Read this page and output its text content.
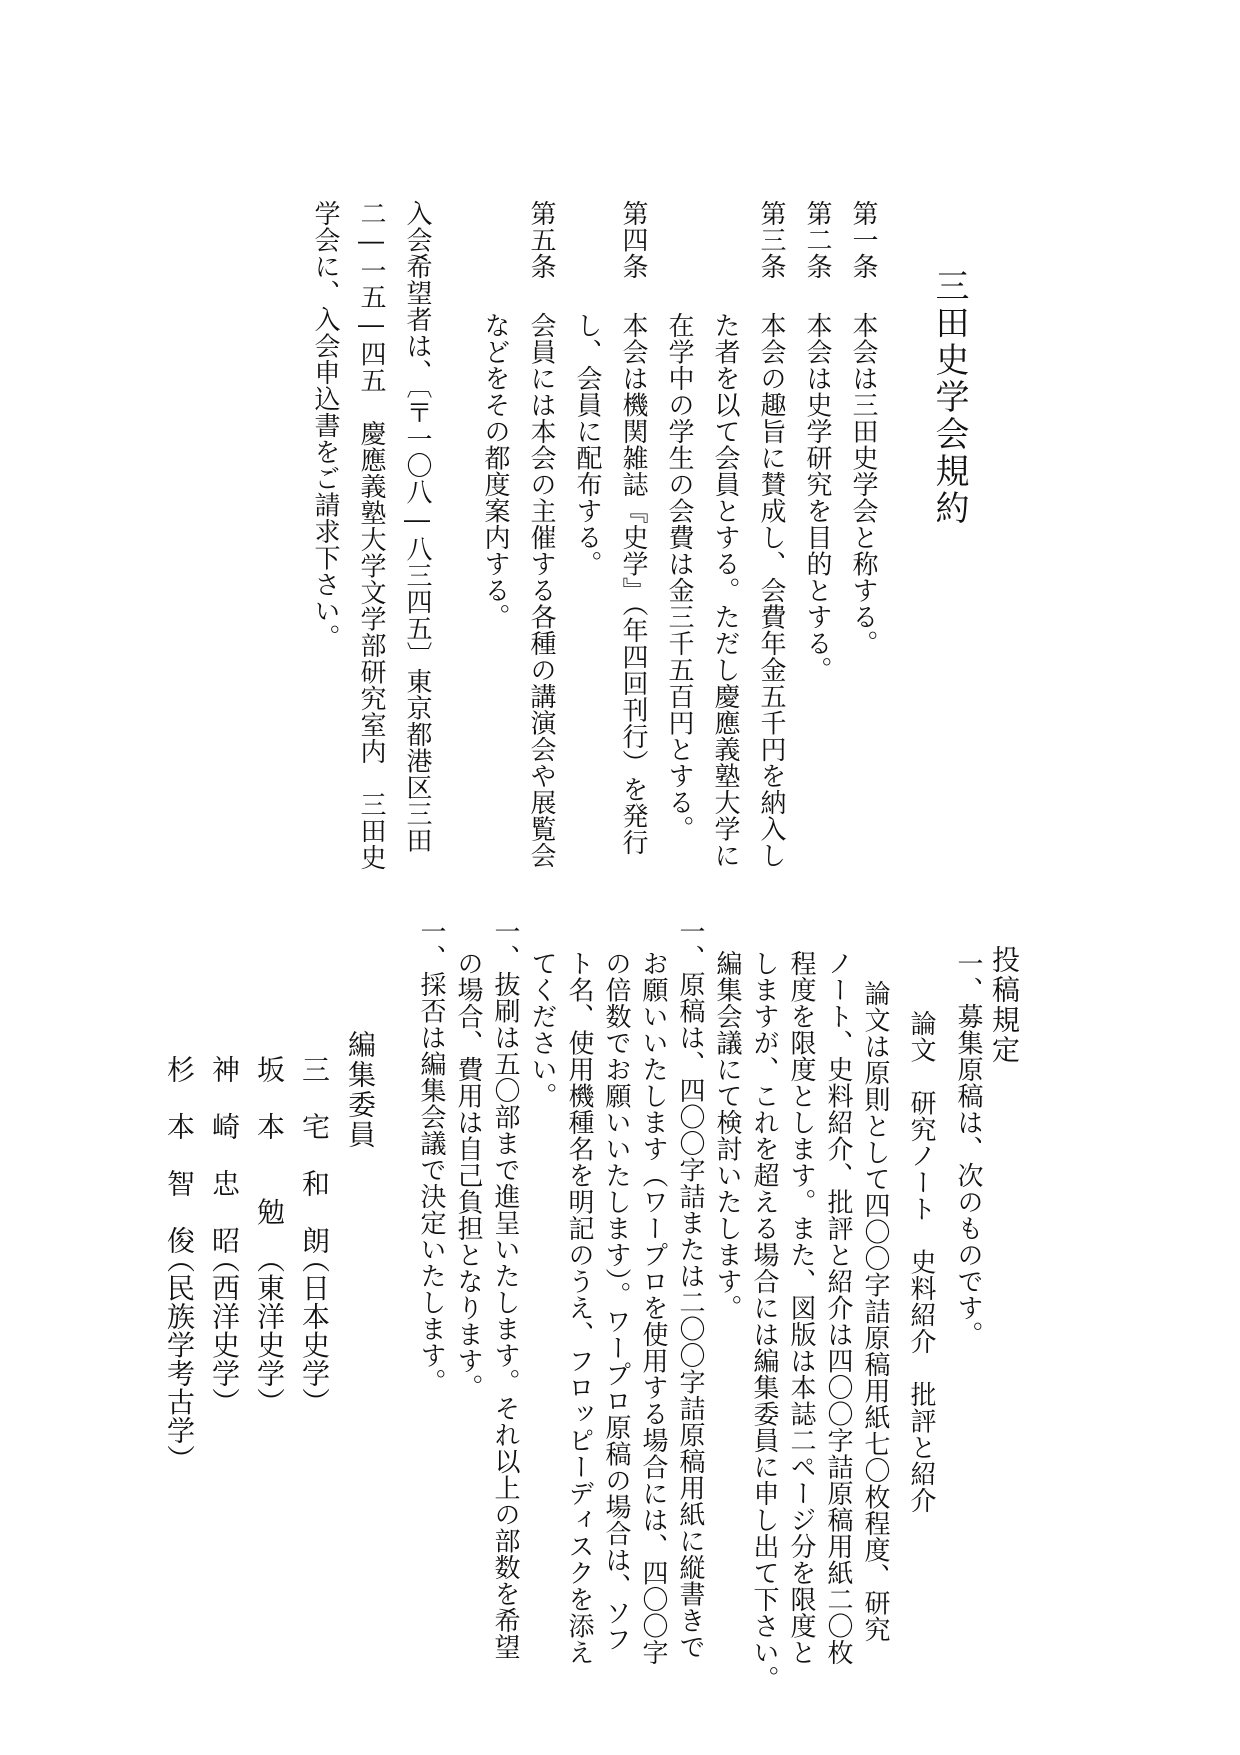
三田史学会規約
第一条
本会は三田史学会と称する。
第二条
本会は史学研究を目的とする。
第三条
本会の趣旨に賛成し、会費年金五千円を納入し
た者を以て会員とする。ただし慶應義塾大学に
在学中の学生の会費は金三千五百円とする。
第四条
本会は機関雑誌『史学』（年四回刊行）を発行
し、会員に配布する。
第五条
会員には本会の主催する各種の講演会や展覧会
などをその都度案内する。
入会希望者は、〔〒一〇八―八三四五〕東京都港区三田
二―一五―四五　慶應義塾大学文学部研究室内　三田史
学会に、入会申込書をご請求下さい。
投稿規定
一、募集原稿は、次のものです。
論文　研究ノート　史料紹介　批評と紹介
論文は原則として四〇〇字詰原稿用紙七〇枚程度、研究
ノート、史料紹介、批評と紹介は四〇〇字詰原稿用紙二〇枚
程度を限度とします。また、図版は本誌二ページ分を限度と
しますが、これを超える場合には編集委員に申し出て下さい。
編集会議にて検討いたします。
一、原稿は、四〇〇字詰または二〇〇字詰原稿用紙に縦書きで
お願いいたします（ワープロを使用する場合には、四〇〇字
の倍数でお願いいたします）。ワープロ原稿の場合は、ソフ
ト名、使用機種名を明記のうえ、フロッピーディスクを添え
てください。
一、抜刷は五〇部まで進呈いたします。それ以上の部数を希望
の場合、費用は自己負担となります。
一、採否は編集会議で決定いたします。
編集委員
三　宅　和　朗
（日本史学）
坂　本　　勉
（東洋史学）
神　崎　忠　昭
（西洋史学）
杉　本　智　俊
（民族学考古学）
